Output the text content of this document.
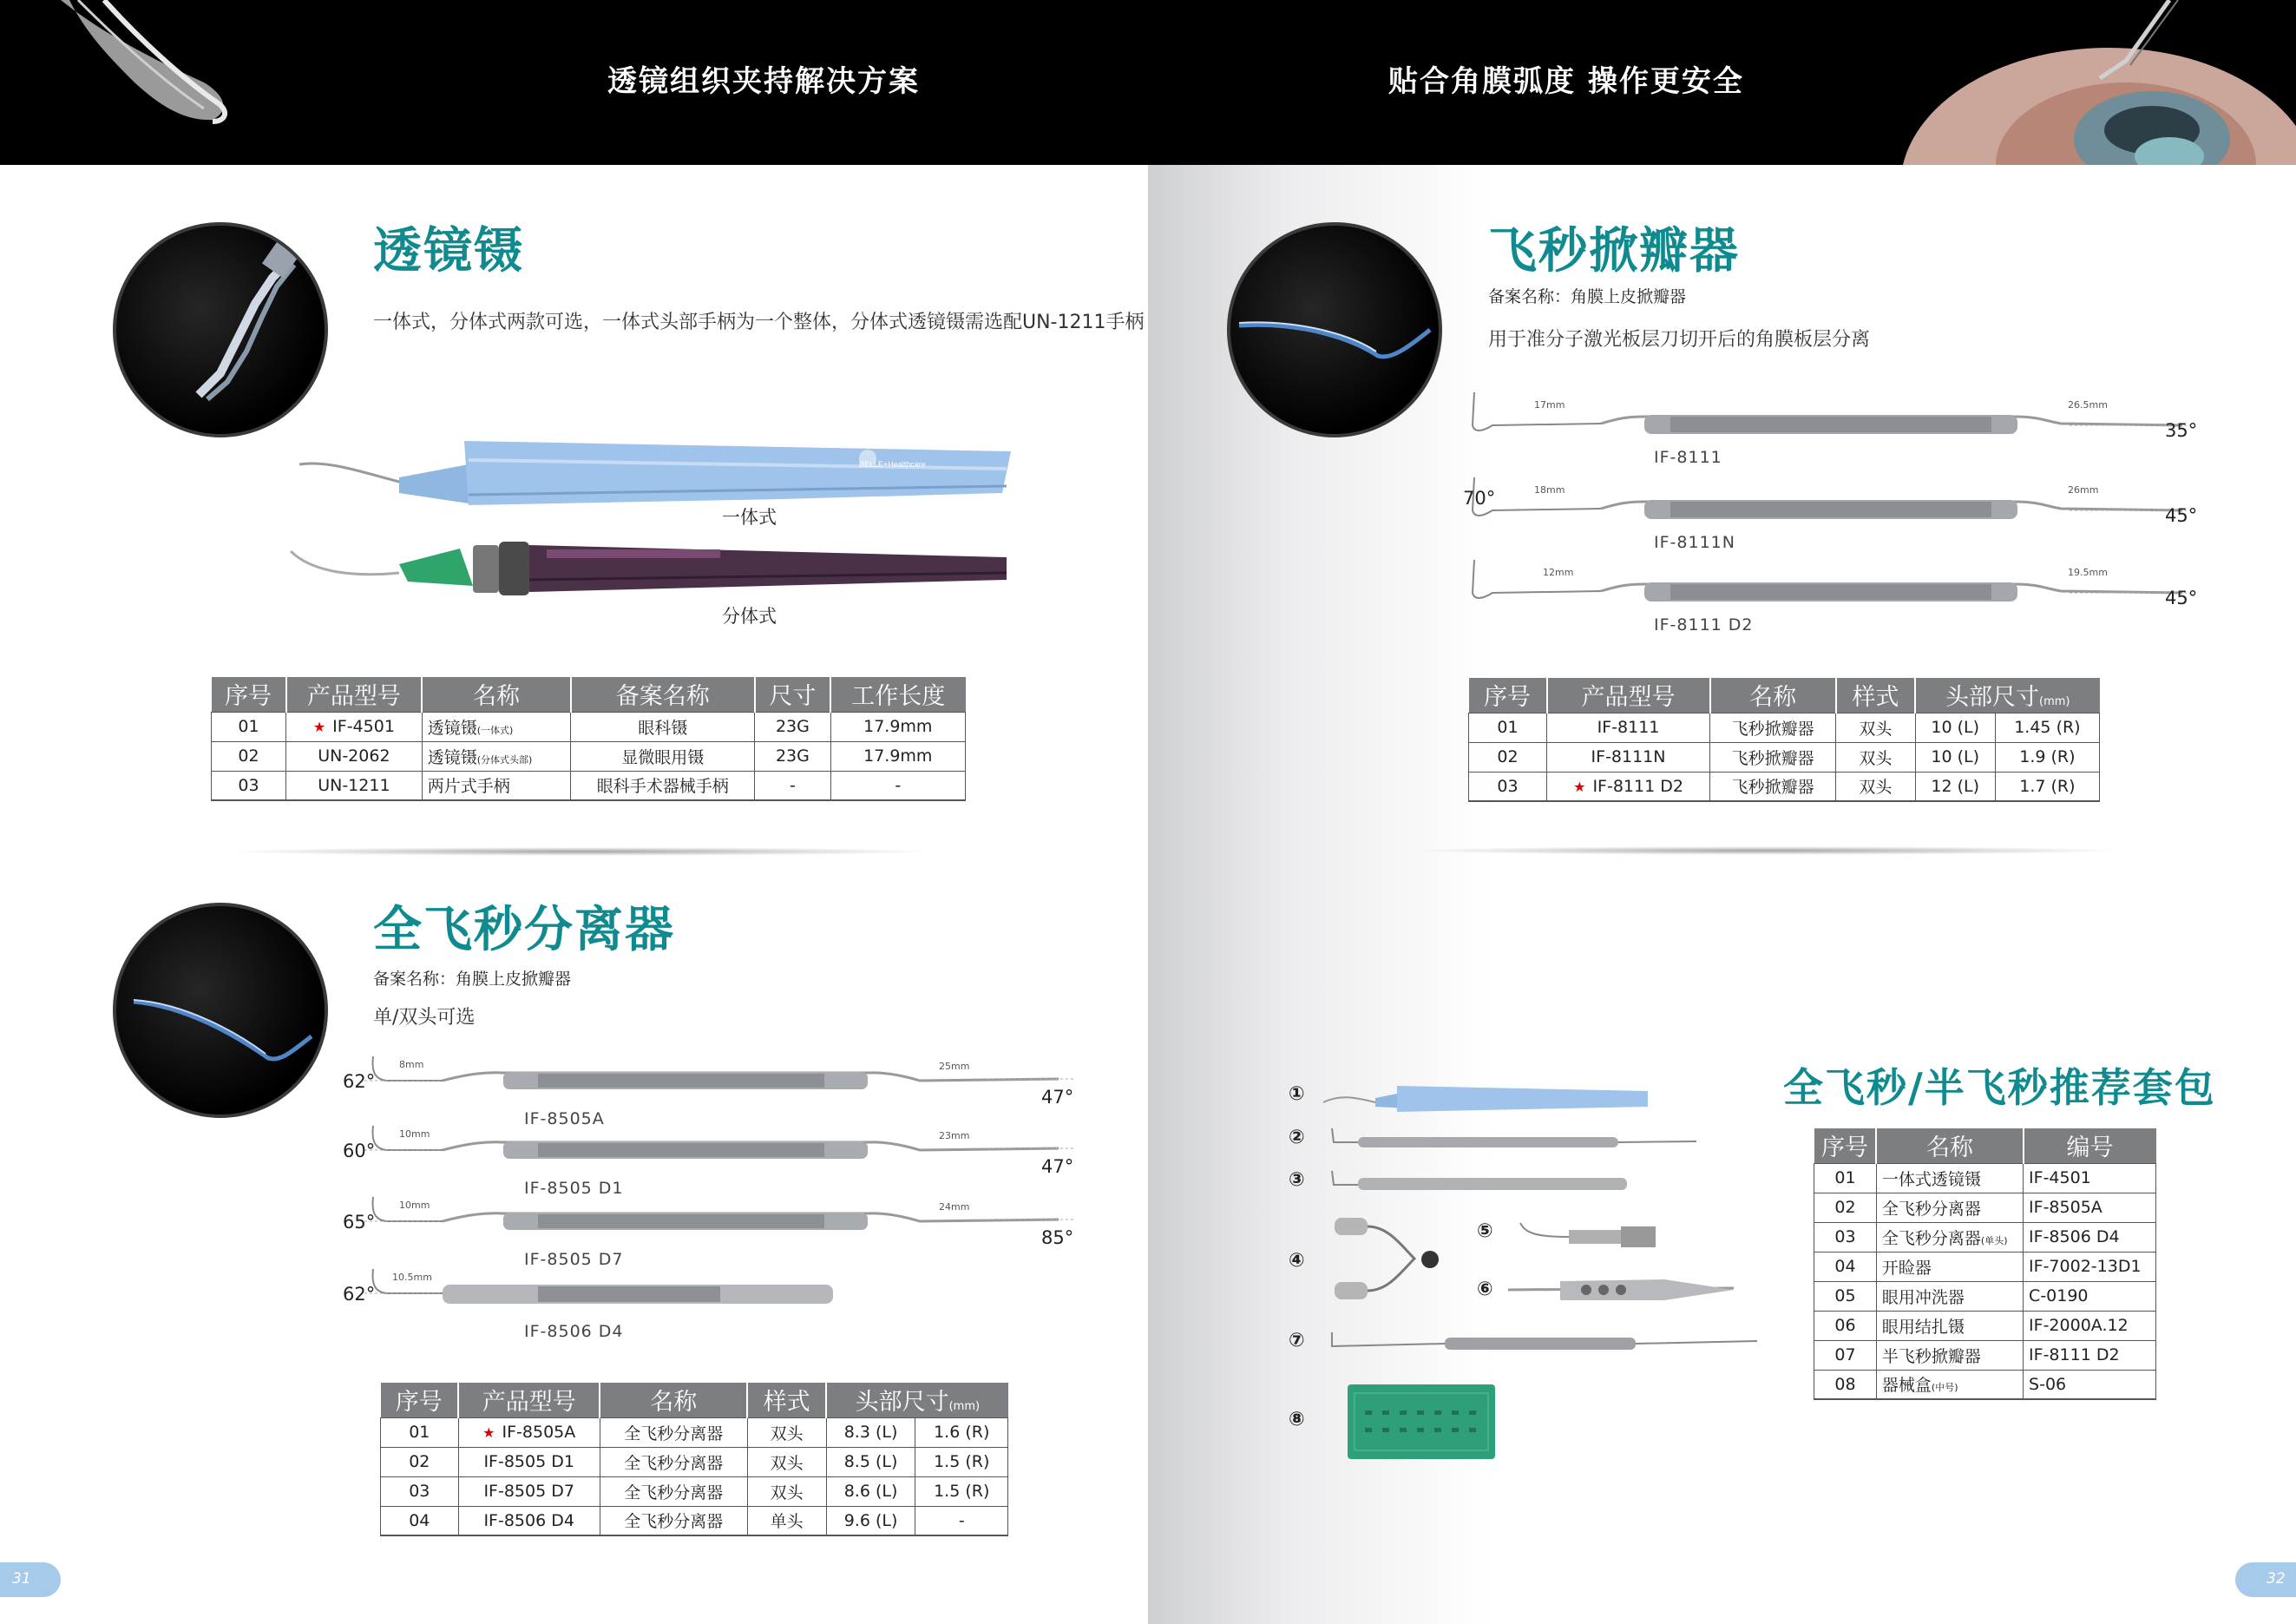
透镜组织夹持解决方案	贴合角膜弧度 操作更安全
透镜镊
一体式，分体式两款可选，一体式头部手柄为一个整体，分体式透镜镊需选配UN-1211手柄
BELLE+Healthcare
一体式
分体式
序号	产品型号	名称	备案名称	尺寸	工作长度
01	★ IF-4501	透镜镊(一体式)	眼科镊	23G	17.9mm
02	UN-2062	透镜镊(分体式头部)	显微眼用镊	23G	17.9mm
03	UN-1211	两片式手柄	眼科手术器械手柄	-	-
全飞秒分离器
备案名称：角膜上皮掀瓣器
单/双头可选
62°
8mm
IF-8505A
25mm
47°
60°
10mm
IF-8505 D1
23mm
47°
65°
10mm
IF-8505 D7
24mm
85°
62°
10.5mm
IF-8506 D4
序号	产品型号	名称	样式	头部尺寸(mm)	
01	★ IF-8505A	全飞秒分离器	双头	8.3 (L)	1.6 (R)
02	IF-8505 D1	全飞秒分离器	双头	8.5 (L)	1.5 (R)
03	IF-8505 D7	全飞秒分离器	双头	8.6 (L)	1.5 (R)
04	IF-8506 D4	全飞秒分离器	单头	9.6 (L)	-
31
飞秒掀瓣器
备案名称：角膜上皮掀瓣器
用于准分子激光板层刀切开后的角膜板层分离
17mm
IF-8111
26.5mm
35°
70°	18mm
IF-8111N
26mm
45°
12mm
IF-8111 D2
19.5mm
45°
序号	产品型号	名称	样式	头部尺寸(mm)	
01	IF-8111	飞秒掀瓣器	双头	10 (L)	1.45 (R)
02	IF-8111N	飞秒掀瓣器	双头	10 (L)	1.9 (R)
03	★ IF-8111 D2	飞秒掀瓣器	双头	12 (L)	1.7 (R)
全飞秒/半飞秒推荐套包
①
②
③
④
⑤
⑥
⑦
⑧
序号	名称	编号
01	一体式透镜镊	IF-4501
02	全飞秒分离器	IF-8505A
03	全飞秒分离器(单头)	IF-8506 D4
04	开睑器	IF-7002-13D1
05	眼用冲洗器	C-0190
06	眼用结扎镊	IF-2000A.12
07	半飞秒掀瓣器	IF-8111 D2
08	器械盒(中号)	S-06
32
